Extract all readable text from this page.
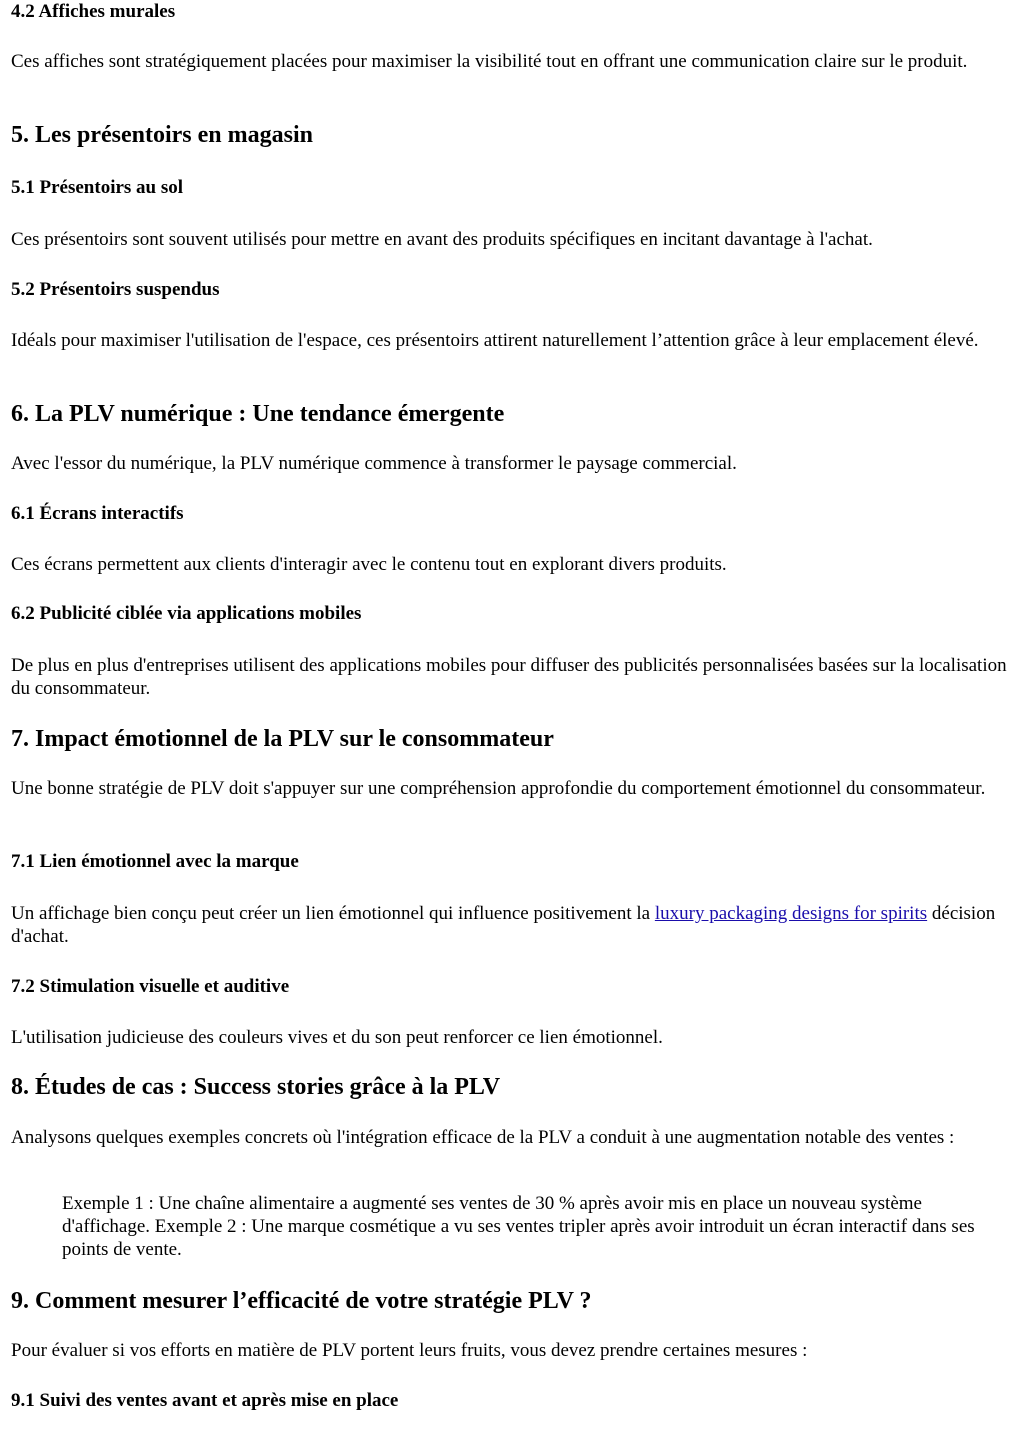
4.2 Affiches murales

Ces affiches sont stratégiquement placées pour maximiser la visibilité tout en offrant une communication claire sur le produit.

5. Les présentoirs en magasin
5.1 Présentoirs au sol

Ces présentoirs sont souvent utilisés pour mettre en avant des produits spécifiques en incitant davantage à l'achat.

5.2 Présentoirs suspendus

Idéals pour maximiser l'utilisation de l'espace, ces présentoirs attirent naturellement l’attention grâce à leur emplacement élevé.

6. La PLV numérique : Une tendance émergente

Avec l'essor du numérique, la PLV numérique commence à transformer le paysage commercial.

6.1 Écrans interactifs

Ces écrans permettent aux clients d'interagir avec le contenu tout en explorant divers produits.

6.2 Publicité ciblée via applications mobiles

De plus en plus d'entreprises utilisent des applications mobiles pour diffuser des publicités personnalisées basées sur la localisation du consommateur.

7. Impact émotionnel de la PLV sur le consommateur

Une bonne stratégie de PLV doit s'appuyer sur une compréhension approfondie du comportement émotionnel du consommateur.

7.1 Lien émotionnel avec la marque

Un affichage bien conçu peut créer un lien émotionnel qui influence positivement la luxury packaging designs for spirits décision d'achat.

7.2 Stimulation visuelle et auditive

L'utilisation judicieuse des couleurs vives et du son peut renforcer ce lien émotionnel.

8. Études de cas : Success stories grâce à la PLV

Analysons quelques exemples concrets où l'intégration efficace de la PLV a conduit à une augmentation notable des ventes :

Exemple 1 : Une chaîne alimentaire a augmenté ses ventes de 30 % après avoir mis en place un nouveau système d'affichage. Exemple 2 : Une marque cosmétique a vu ses ventes tripler après avoir introduit un écran interactif dans ses points de vente.
9. Comment mesurer l’efficacité de votre stratégie PLV ?

Pour évaluer si vos efforts en matière de PLV portent leurs fruits, vous devez prendre certaines mesures :

9.1 Suivi des ventes avant et après mise en place
